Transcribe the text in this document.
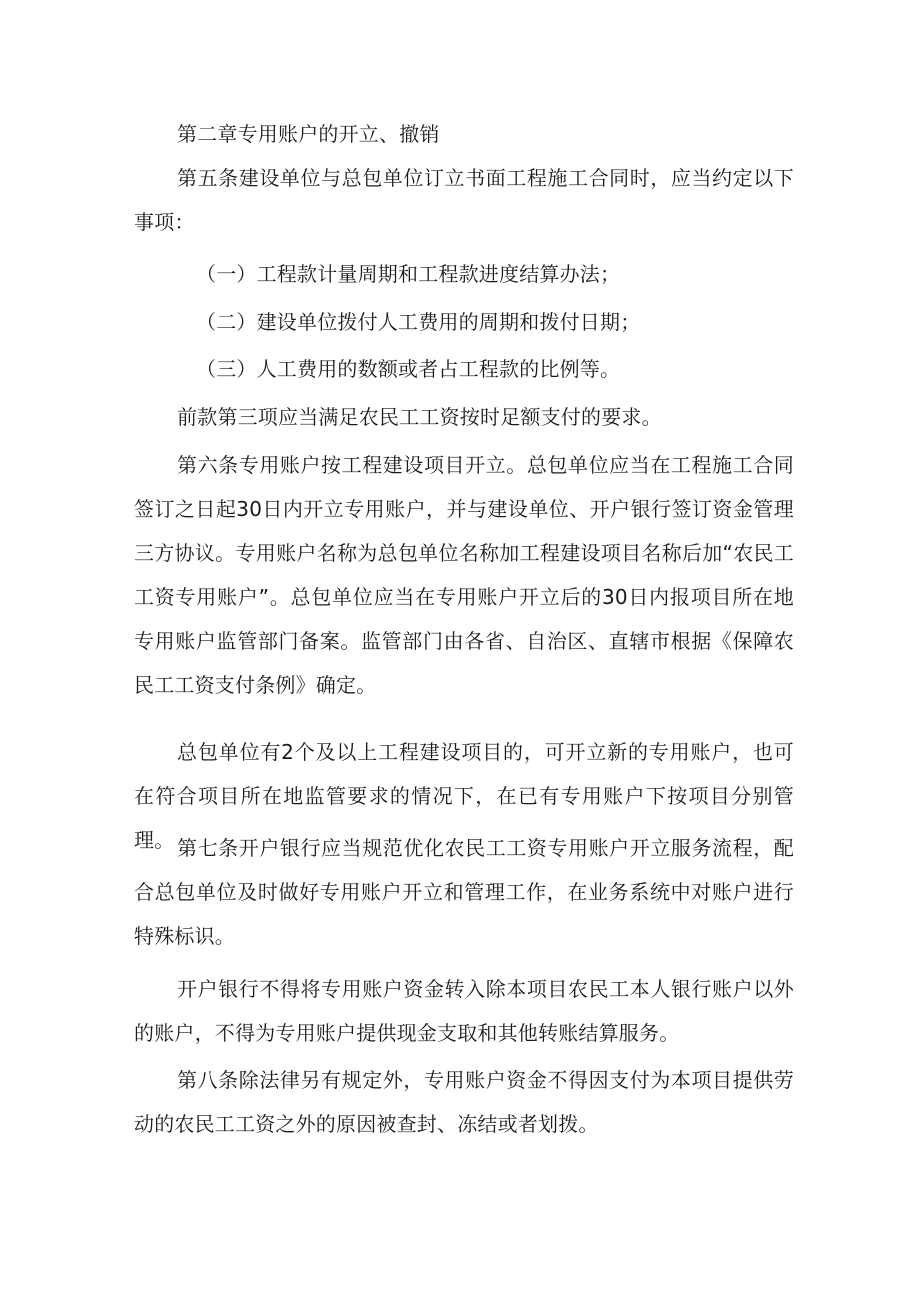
第二章专用账户的开立、撤销

第五条建设单位与总包单位订立书面工程施工合同时，应当约定以下事项：

（一）工程款计量周期和工程款进度结算办法；

（二）建设单位拨付人工费用的周期和拨付日期；

（三）人工费用的数额或者占工程款的比例等。

前款第三项应当满足农民工工资按时足额支付的要求。

第六条专用账户按工程建设项目开立。总包单位应当在工程施工合同签订之日起30日内开立专用账户，并与建设单位、开户银行签订资金管理三方协议。专用账户名称为总包单位名称加工程建设项目名称后加“农民工工资专用账户”。总包单位应当在专用账户开立后的30日内报项目所在地专用账户监管部门备案。监管部门由各省、自治区、直辖市根据《保障农民工工资支付条例》确定。

总包单位有2个及以上工程建设项目的，可开立新的专用账户，也可在符合项目所在地监管要求的情况下，在已有专用账户下按项目分别管理。 第七条开户银行应当规范优化农民工工资专用账户开立服务流程，配合总包单位及时做好专用账户开立和管理工作，在业务系统中对账户进行特殊标识。

开户银行不得将专用账户资金转入除本项目农民工本人银行账户以外的账户，不得为专用账户提供现金支取和其他转账结算服务。

第八条除法律另有规定外，专用账户资金不得因支付为本项目提供劳动的农民工工资之外的原因被查封、冻结或者划拨。
